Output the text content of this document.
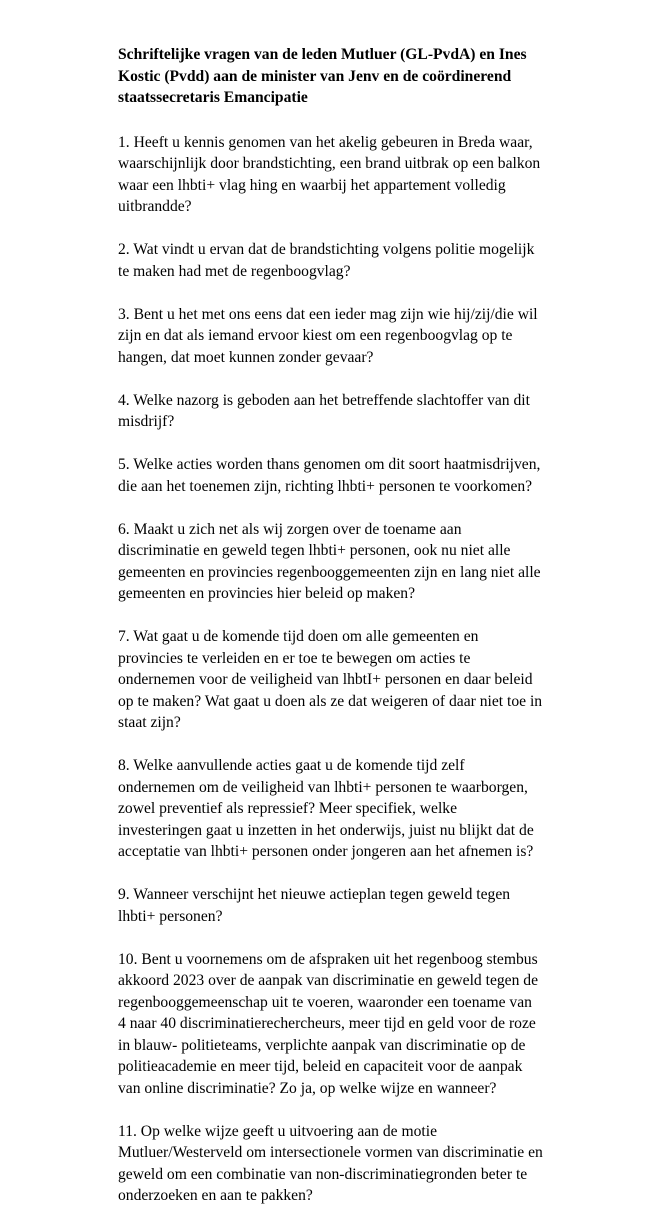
Schriftelijke vragen van de leden Mutluer (GL-PvdA) en Ines Kostic (Pvdd) aan de minister van Jenv en de coördinerend staatssecretaris Emancipatie
1. Heeft u kennis genomen van het akelig gebeuren in Breda waar, waarschijnlijk door brandstichting, een brand uitbrak op een balkon waar een lhbti+ vlag hing en waarbij het appartement volledig uitbrandde?
2. Wat vindt u ervan dat de brandstichting volgens politie mogelijk te maken had met de regenboogvlag?
3. Bent u het met ons eens dat een ieder mag zijn wie hij/zij/die wil zijn en dat als iemand ervoor kiest om een regenboogvlag op te hangen, dat moet kunnen zonder gevaar?
4. Welke nazorg is geboden aan het betreffende slachtoffer van dit misdrijf?
5. Welke acties worden thans genomen om dit soort haatmisdrijven, die aan het toenemen zijn, richting lhbti+ personen te voorkomen?
6. Maakt u zich net als wij zorgen over de toename aan discriminatie en geweld tegen lhbti+ personen, ook nu niet alle gemeenten en provincies regenbooggemeenten zijn en lang niet alle gemeenten en provincies hier beleid op maken?
7. Wat gaat u de komende tijd doen om alle gemeenten en provincies te verleiden en er toe te bewegen om acties te ondernemen voor de veiligheid van lhbtI+ personen en daar beleid op te maken? Wat gaat u doen als ze dat weigeren of daar niet toe in staat zijn?
8. Welke aanvullende acties gaat u de komende tijd zelf ondernemen om de veiligheid van lhbti+ personen te waarborgen, zowel preventief als repressief? Meer specifiek, welke investeringen gaat u inzetten in het onderwijs, juist nu blijkt dat de acceptatie van lhbti+ personen onder jongeren aan het afnemen is?
9. Wanneer verschijnt het nieuwe actieplan tegen geweld tegen lhbti+ personen?
10. Bent u voornemens om de afspraken uit het regenboog stembus akkoord 2023 over de aanpak van discriminatie en geweld tegen de regenbooggemeenschap uit te voeren, waaronder een toename van 4 naar 40 discriminatierechercheurs, meer tijd en geld voor de roze in blauw- politieteams, verplichte aanpak van discriminatie op de politieacademie en meer tijd, beleid en capaciteit voor de aanpak van online discriminatie? Zo ja, op welke wijze en wanneer?
11. Op welke wijze geeft u uitvoering aan de motie Mutluer/Westerveld om intersectionele vormen van discriminatie en geweld om een combinatie van non-discriminatiegronden beter te onderzoeken en aan te pakken?
